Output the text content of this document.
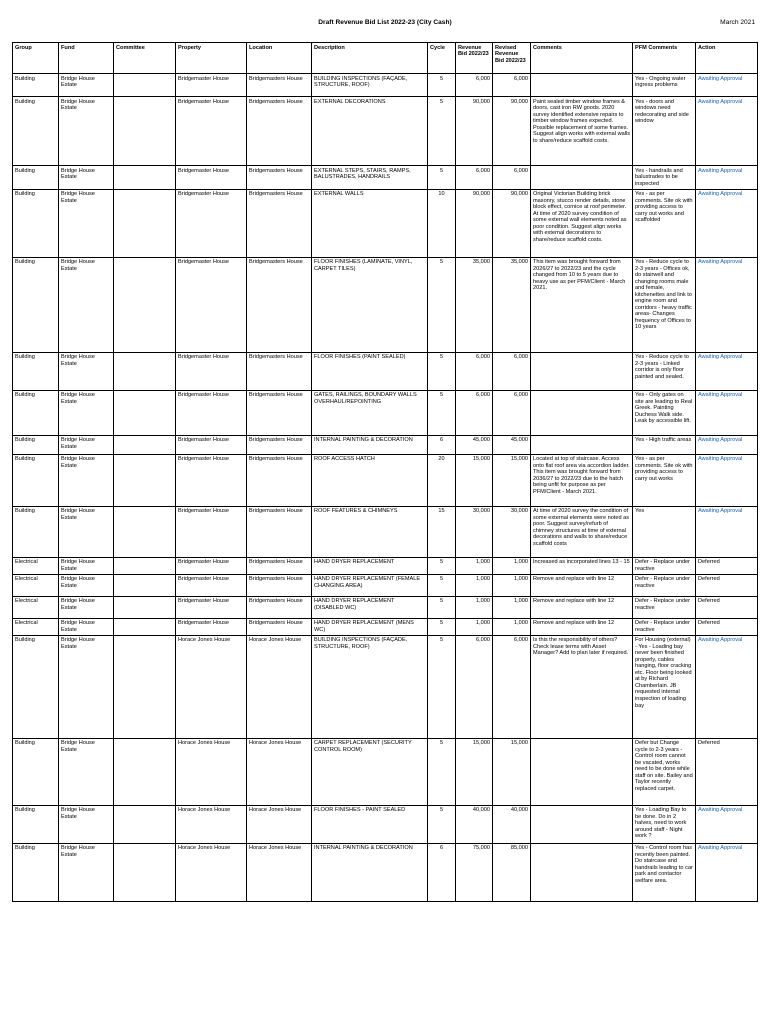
Draft Revenue Bid List 2022-23 (City Cash)	March 2021
Group	Fund	Committee	Property	Location	Description	Cycle	Revenue Bid 2022/23	Revised Revenue Bid 2022/23	Comments	PFM Comments	Action
Building	Bridge House Estate		Bridgemaster House	Bridgemasters House	BUILDING INSPECTIONS (FAÇADE, STRUCTURE, ROOF)	5	6,000	6,000		Yes - Ongoing water ingress problems	Awaiting Approval
Building	Bridge House Estate		Bridgemaster House	Bridgemasters House	EXTERNAL DECORATIONS	5	90,000	90,000	Paint sealed timber window frames & doors, cast iron RW goods. 2020 survey identified extensive repairs to timber window frames expected. Possible replacement of some frames. Suggest align works with external walls to share/reduce scaffold costs.	Yes - doors and windows need redecorating and side window	Awaiting Approval
Building	Bridge House Estate		Bridgemaster House	Bridgemasters House	EXTERNAL STEPS, STAIRS, RAMPS, BALUSTRADES, HANDRAILS	5	6,000	6,000		Yes - handrails and balustrades to be inspected	Awaiting Approval
Building	Bridge House Estate		Bridgemaster House	Bridgemasters House	EXTERNAL WALLS	10	90,000	90,000	Original Victorian Building brick masonry, stucco render details, stone block effect, cornice at roof perimeter. At time of 2020 survey condition of some external wall elements noted as poor condition. Suggest align works with external decorations to share/reduce scaffold costs.	Yes - as per comments. Site ok with providing access to carry out works and scaffolded	Awaiting Approval
Building	Bridge House Estate		Bridgemaster House	Bridgemasters House	FLOOR FINISHES (LAMINATE, VINYL, CARPET TILES)	5	35,000	35,000	This item was brought forward from 2026/27 to 2022/23 and the cycle changed from 10 to 5 years due to heavy use as per PFM/Client - March 2021.	Yes - Reduce cycle to 2-3 years - Offices ok, do stairwell and changing rooms male and female, kitchenettes and link to engine room and corridors - heavy traffic areas- Changes frequency of Offices to 10 years	Awaiting Approval
Building	Bridge House Estate		Bridgemaster House	Bridgemasters House	FLOOR FINISHES (PAINT SEALED)	5	6,000	6,000		Yes - Reduce cycle to 2-3 years - Linked corridor is only floor painted and sealed.	Awaiting Approval
Building	Bridge House Estate		Bridgemaster House	Bridgemasters House	GATES, RAILINGS, BOUNDARY WALLS OVERHAUL/REPOINTING	5	6,000	6,000		Yes - Only gates on site are leading to Real Greek. Painting Duchess Walk side. Leak by accessible lift.	Awaiting Approval
Building	Bridge House Estate		Bridgemaster House	Bridgemasters House	INTERNAL PAINTING & DECORATION	6	45,000	45,000		Yes - High traffic areas	Awaiting Approval
Building	Bridge House Estate		Bridgemaster House	Bridgemasters House	ROOF ACCESS HATCH	20	15,000	15,000	Located at top of staircase. Access onto flat roof area via accordion ladder. This item was brought forward from 2036/27 to 2022/23 due to the hatch being unfit for purpose as per PFM/Client - March 2021.	Yes - as per comments. Site ok with providing access to carry out works	Awaiting Approval
Building	Bridge House Estate		Bridgemaster House	Bridgemasters House	ROOF FEATURES & CHIMNEYS	15	30,000	30,000	At time of 2020 survey the condition of some external elements were noted as poor. Suggest survey/refurb of chimney structures at time of external decorations and walls to share/reduce scaffold costs	Yes	Awaiting Approval
Electrical	Bridge House Estate		Bridgemaster House	Bridgemasters House	HAND DRYER REPLACEMENT	5	1,000	1,000	Increased as incorporated lines 13 - 15	Defer - Replace under reactive	Deferred
Electrical	Bridge House Estate		Bridgemaster House	Bridgemasters House	HAND DRYER REPLACEMENT (FEMALE CHANGING AREA)	5	1,000	1,000	Remove and replace with line 12	Defer - Replace under reactive	Deferred
Electrical	Bridge House Estate		Bridgemaster House	Bridgemasters House	HAND DRYER REPLACEMENT (DISABLED WC)	5	1,000	1,000	Remove and replace with line 12	Defer - Replace under reactive	Deferred
Electrical	Bridge House Estate		Bridgemaster House	Bridgemasters House	HAND DRYER REPLACEMENT (MENS WC)	5	1,000	1,000	Remove and replace with line 12	Defer - Replace under reactive	Deferred
Building	Bridge House Estate		Horace Jones House	Horace Jones House	BUILDING INSPECTIONS (FAÇADE, STRUCTURE, ROOF)	5	6,000	6,000	Is this the responsibility of others? Check lease terms with Asset Manager? Add to plan later if required.	For Housing (external) - Yes - Loading bay never been finished properly, cables hanging, floor cracking etc. Floor being looked at by Richard Chamberlain. JB requested internal inspection of loading bay	Awaiting Approval
Building	Bridge House Estate		Horace Jones House	Horace Jones House	CARPET REPLACEMENT (SECURITY CONTROL ROOM)	5	15,000	15,000		Defer but Change cycle to 2-3 years - Control room cannot be vacated, works need to be done while staff on site. Bailey and Taylor recently replaced carpet.	Deferred
Building	Bridge House Estate		Horace Jones House	Horace Jones House	FLOOR FINISHES - PAINT SEALED	5	40,000	40,000		Yes - Loading Bay to be done. Do in 2 halves, need to work around staff - Night work ?	Awaiting Approval
Building	Bridge House Estate		Horace Jones House	Horace Jones House	INTERNAL PAINTING & DECORATION	6	75,000	85,000		Yes - Control room has recently been painted. Do staircase and handrails leading to car park and contactor welfare area.	Awaiting Approval
